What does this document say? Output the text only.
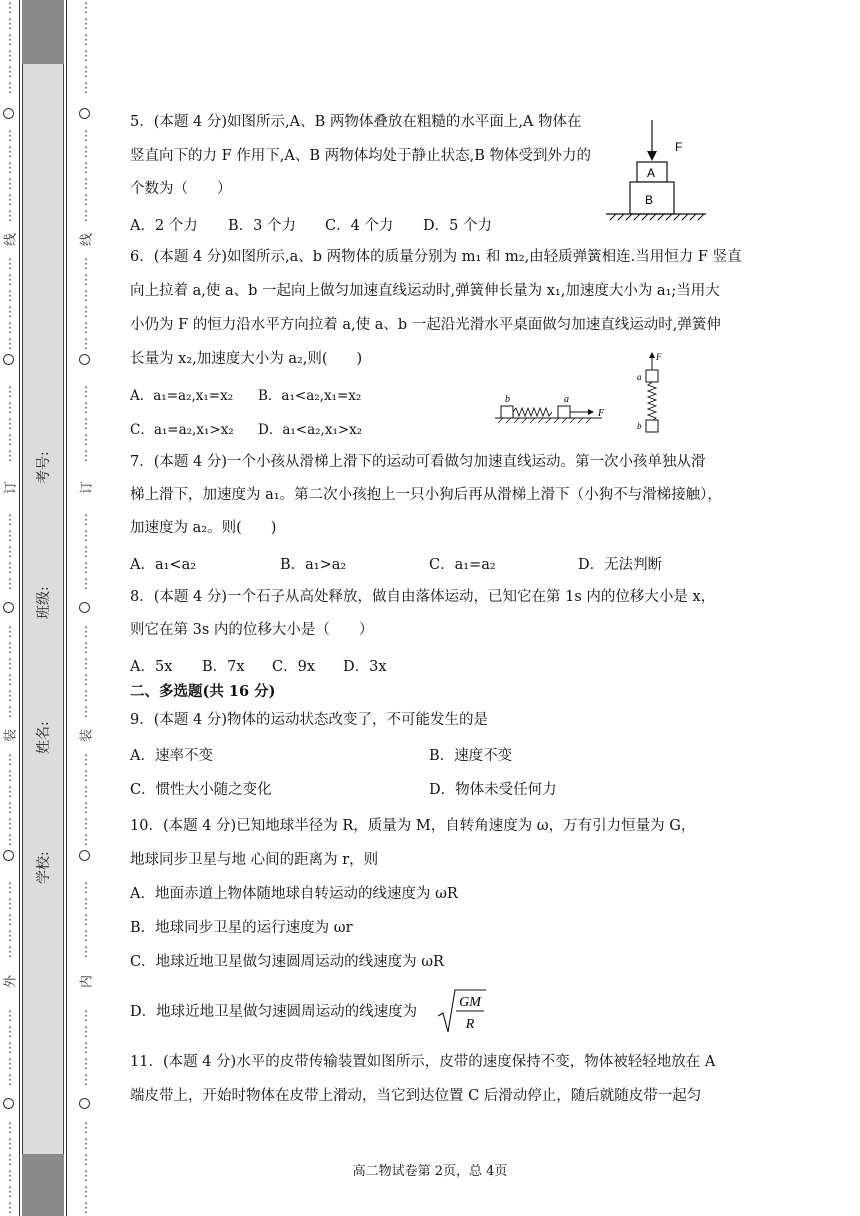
学校:
姓名:
班级:
考号:
线
订
装
外
线
订
装
内
5．(本题 4 分)如图所示,A、B 两物体叠放在粗糙的水平面上,A 物体在
竖直向下的力 F 作用下,A、B 两物体均处于静止状态,B 物体受到外力的
个数为（　　）
A．2 个力 B．3 个力 C．4 个力 D．5 个力
F
A
B
6．(本题 4 分)如图所示,a、b 两物体的质量分别为 m₁ 和 m₂,由轻质弹簧相连.当用恒力 F 竖直
向上拉着 a,使 a、b 一起向上做匀加速直线运动时,弹簧伸长量为 x₁,加速度大小为 a₁;当用大
小仍为 F 的恒力沿水平方向拉着 a,使 a、b 一起沿光滑水平桌面做匀加速直线运动时,弹簧伸
长量为 x₂,加速度大小为 a₂,则(　　)
A．a₁=a₂,x₁=x₂ B．a₁<a₂,x₁=x₂
C．a₁=a₂,x₁>x₂ D．a₁<a₂,x₁>x₂
b	a
F
F
a
b
7．(本题 4 分)一个小孩从滑梯上滑下的运动可看做匀加速直线运动。第一次小孩单独从滑
梯上滑下，加速度为 a₁。第二次小孩抱上一只小狗后再从滑梯上滑下（小狗不与滑梯接触），
加速度为 a₂。则(　　)
A．a₁<a₂	B．a₁>a₂	C．a₁=a₂	D．无法判断
8．(本题 4 分)一个石子从高处释放，做自由落体运动，已知它在第 1s 内的位移大小是 x，
则它在第 3s 内的位移大小是（　　）
A．5x B．7x C．9x D．3x
二、多选题(共 16 分)
9．(本题 4 分)物体的运动状态改变了，不可能发生的是
A．速率不变	B．速度不变
C．惯性大小随之变化	D．物体未受任何力
10．(本题 4 分)已知地球半径为 R，质量为 M，自转角速度为 ω，万有引力恒量为 G，
地球同步卫星与地 心间的距离为 r，则
A．地面赤道上物体随地球自转运动的线速度为 ωR
B．地球同步卫星的运行速度为 ωr
C．地球近地卫星做匀速圆周运动的线速度为 ωR
D．地球近地卫星做匀速圆周运动的线速度为
GM
R
11．(本题 4 分)水平的皮带传输装置如图所示，皮带的速度保持不变，物体被轻轻地放在 A
端皮带上，开始时物体在皮带上滑动，当它到达位置 C 后滑动停止，随后就随皮带一起匀
高二物试卷第 2页，总 4页
⋮
⋮
⋮
⋮
⋮
⋮
⋮
⋮
⋮
⋮
⋮
⋮
⋮
⋮
⋮
⋮
⋮
⋮
⋮
⋮
⋮
⋮
⋮
⋮
⋮
⋮
⋮
⋮
⋮
⋮
⋮
⋮
⋮
⋮
⋮
⋮
⋮
⋮
⋮
⋮
⋮
⋮
⋮
⋮
⋮
⋮
⋮
⋮
⋮
⋮
⋮
⋮
⋮
⋮
⋮
⋮
⋮
⋮
⋮
⋮
⋮
⋮
⋮
⋮
⋮
⋮
⋮
⋮
⋮
⋮
⋮
⋮
⋮
⋮
⋮
⋮
⋮
⋮
⋮
⋮
⋮
⋮
⋮
⋮
⋮
⋮
⋮
⋮
⋮
⋮
⋮
⋮
⋮
⋮
⋮
⋮
⋮
⋮
⋮
⋮
⋮
⋮
⋮
⋮
⋮
⋮
⋮
⋮
⋮
⋮
⋮
⋮
